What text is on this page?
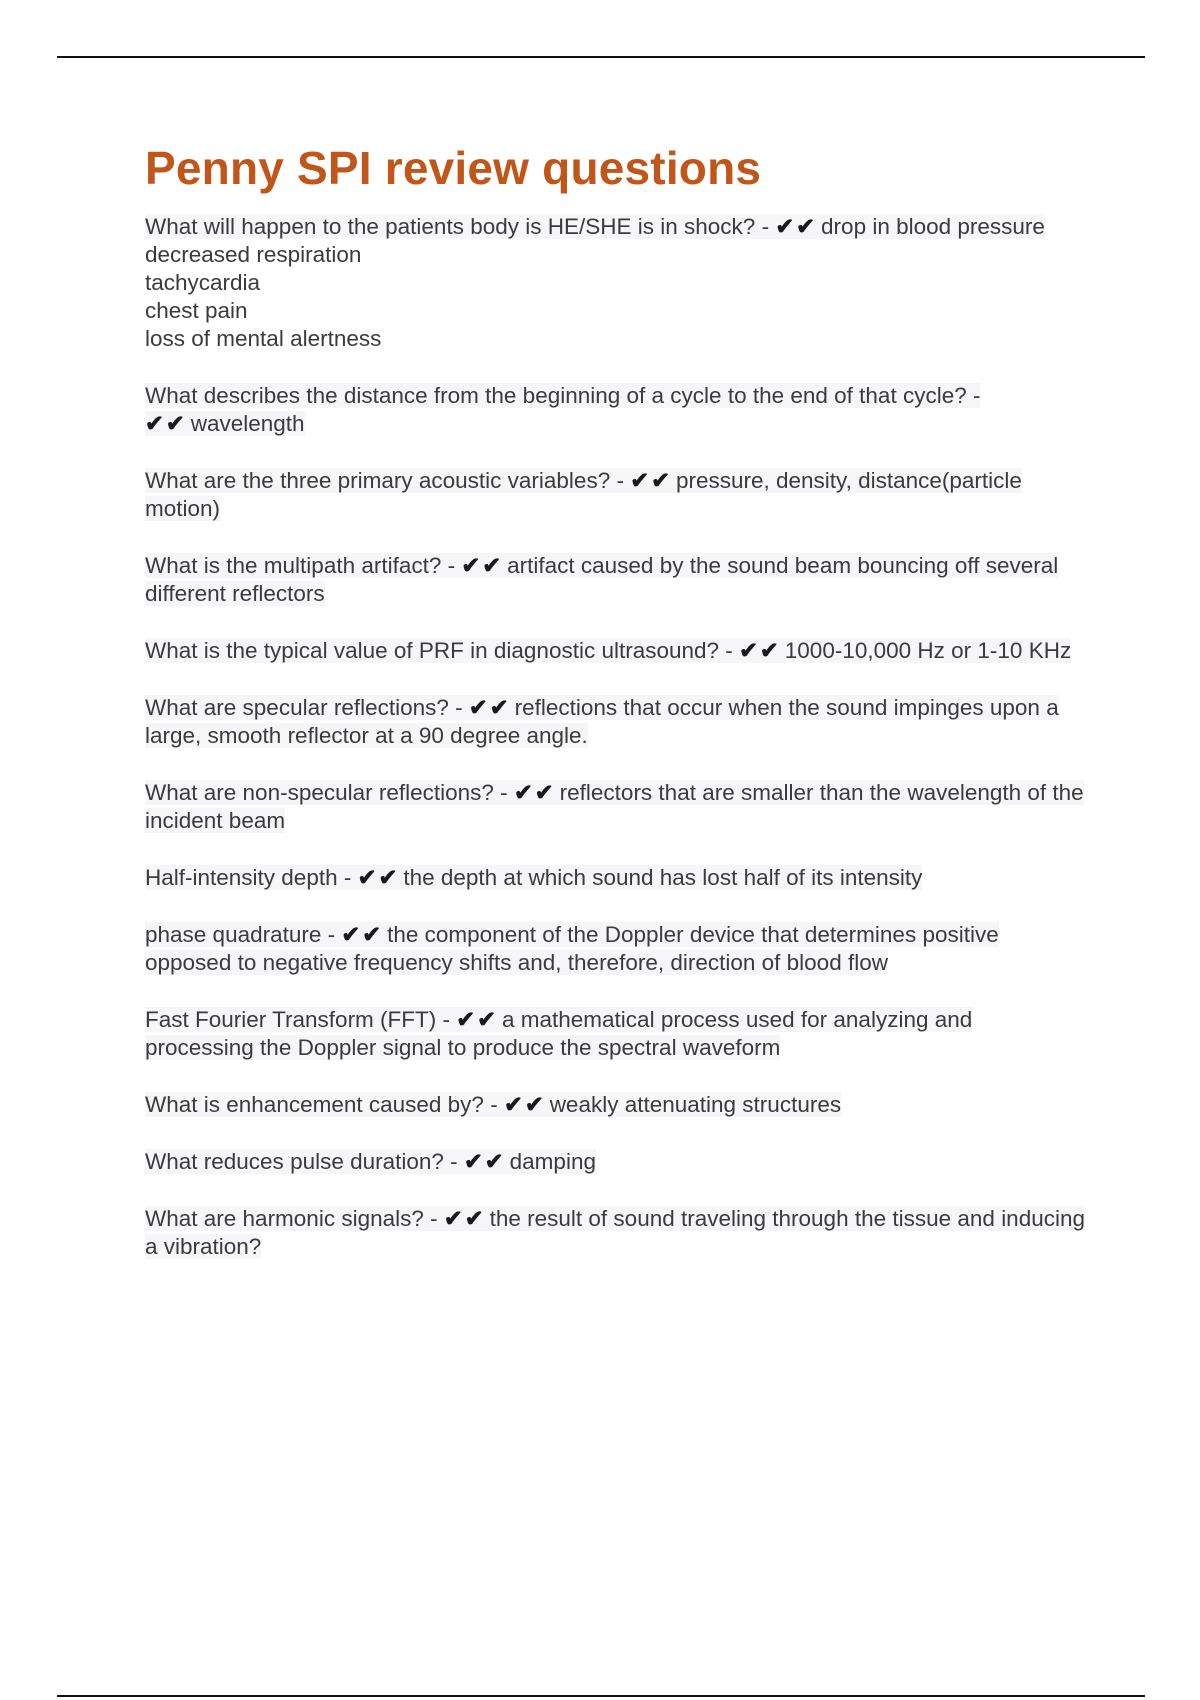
Penny SPI review questions
What will happen to the patients body is HE/SHE is in shock? - ✔✔ drop in blood pressure
decreased respiration
tachycardia
chest pain
loss of mental alertness
What describes the distance from the beginning of a cycle to the end of that cycle? - ✔✔ wavelength
What are the three primary acoustic variables? - ✔✔ pressure, density, distance(particle motion)
What is the multipath artifact? - ✔✔ artifact caused by the sound beam bouncing off several different reflectors
What is the typical value of PRF in diagnostic ultrasound? - ✔✔ 1000-10,000 Hz or 1-10 KHz
What are specular reflections? - ✔✔ reflections that occur when the sound impinges upon a large, smooth reflector at a 90 degree angle.
What are non-specular reflections? - ✔✔ reflectors that are smaller than the wavelength of the incident beam
Half-intensity depth - ✔✔ the depth at which sound has lost half of its intensity
phase quadrature - ✔✔ the component of the Doppler device that determines positive opposed to negative frequency shifts and, therefore, direction of blood flow
Fast Fourier Transform (FFT) - ✔✔ a mathematical process used for analyzing and processing the Doppler signal to produce the spectral waveform
What is enhancement caused by? - ✔✔ weakly attenuating structures
What reduces pulse duration? - ✔✔ damping
What are harmonic signals? - ✔✔ the result of sound traveling through the tissue and inducing a vibration?
